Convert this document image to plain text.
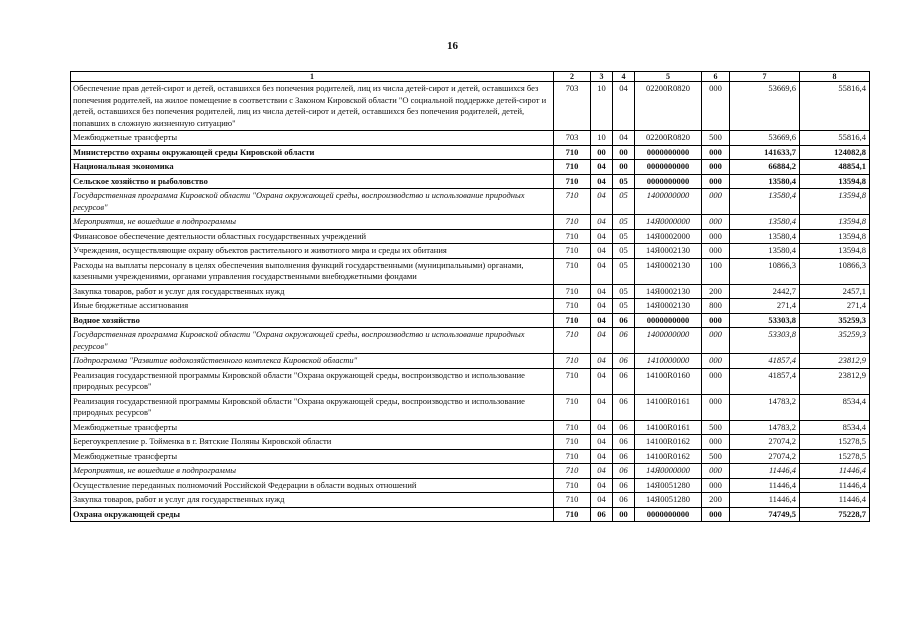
16
1	2	3	4	5	6	7	8
Обеспечение прав детей-сирот и детей, оставшихся без попечения родителей, лиц из числа детей-сирот и детей, оставшихся без попечения родителей, на жилое помещение в соответствии с Законом Кировской области "О социальной поддержке детей-сирот и детей, оставшихся без попечения родителей, лиц из числа детей-сирот и детей, оставшихся без попечения родителей, детей, попавших в сложную жизненную ситуацию"	703	10	04	02200R0820	000	53669,6	55816,4
Межбюджетные трансферты	703	10	04	02200R0820	500	53669,6	55816,4
Министерство охраны окружающей среды Кировской области	710	00	00	0000000000	000	141633,7	124082,8
Национальная экономика	710	04	00	0000000000	000	66884,2	48854,1
Сельское хозяйство и рыболовство	710	04	05	0000000000	000	13580,4	13594,8
Государственная программа Кировской области "Охрана окружающей среды, воспроизводство и использование природных ресурсов"	710	04	05	1400000000	000	13580,4	13594,8
Мероприятия, не вошедшие в подпрограммы	710	04	05	14Я0000000	000	13580,4	13594,8
Финансовое обеспечение деятельности областных государственных учреждений	710	04	05	14Я0002000	000	13580,4	13594,8
Учреждения, осуществляющие охрану объектов растительного и животного мира и среды их обитания	710	04	05	14Я0002130	000	13580,4	13594,8
Расходы на выплаты персоналу в целях обеспечения выполнения функций государственными (муниципальными) органами, казенными учреждениями, органами управления государственными внебюджетными фондами	710	04	05	14Я0002130	100	10866,3	10866,3
Закупка товаров, работ и услуг для государственных нужд	710	04	05	14Я0002130	200	2442,7	2457,1
Иные бюджетные ассигнования	710	04	05	14Я0002130	800	271,4	271,4
Водное хозяйство	710	04	06	0000000000	000	53303,8	35259,3
Государственная программа Кировской области "Охрана окружающей среды, воспроизводство и использование природных ресурсов"	710	04	06	1400000000	000	53303,8	35259,3
Подпрограмма "Развитие водохозяйственного комплекса Кировской области"	710	04	06	1410000000	000	41857,4	23812,9
Реализация государственной программы Кировской области "Охрана окружающей среды, воспроизводство и использование природных ресурсов"	710	04	06	14100R0160	000	41857,4	23812,9
Реализация государственной программы Кировской области "Охрана окружающей среды, воспроизводство и использование природных ресурсов"	710	04	06	14100R0161	000	14783,2	8534,4
Межбюджетные трансферты	710	04	06	14100R0161	500	14783,2	8534,4
Берегоукрепление р. Тойменка в г. Вятские Поляны Кировской области	710	04	06	14100R0162	000	27074,2	15278,5
Межбюджетные трансферты	710	04	06	14100R0162	500	27074,2	15278,5
Мероприятия, не вошедшие в подпрограммы	710	04	06	14Я0000000	000	11446,4	11446,4
Осуществление переданных полномочий Российской Федерации в области водных отношений	710	04	06	14Я0051280	000	11446,4	11446,4
Закупка товаров, работ и услуг для государственных нужд	710	04	06	14Я0051280	200	11446,4	11446,4
Охрана окружающей среды	710	06	00	0000000000	000	74749,5	75228,7
